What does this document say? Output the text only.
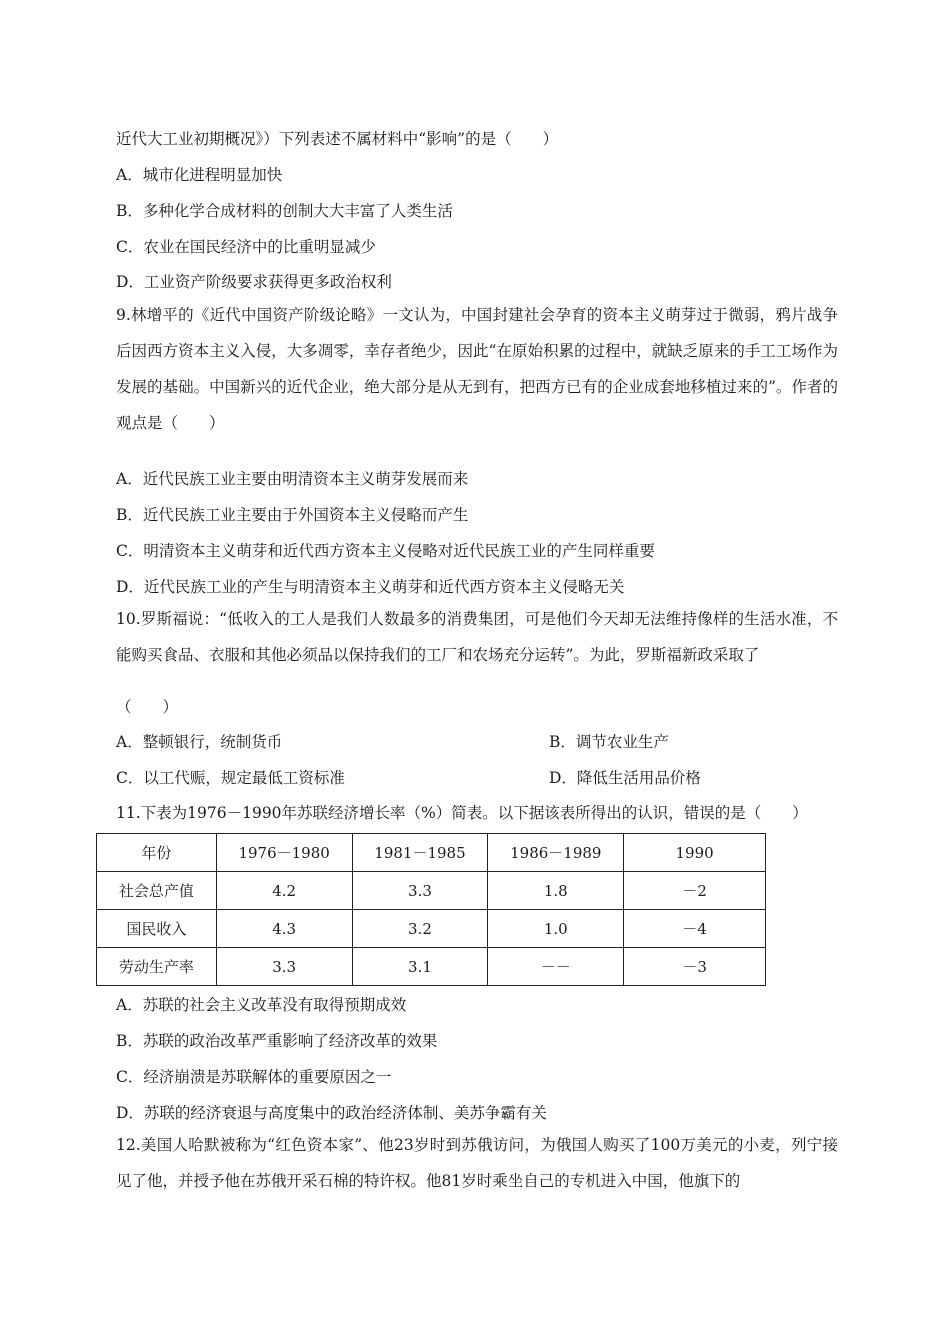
近代大工业初期概况》）下列表述不属材料中“影响”的是（　　）
A．城市化进程明显加快
B．多种化学合成材料的创制大大丰富了人类生活
C．农业在国民经济中的比重明显减少
D．工业资产阶级要求获得更多政治权利
9.林增平的《近代中国资产阶级论略》一文认为，中国封建社会孕育的资本主义萌芽过于微弱，鸦片战争后因西方资本主义入侵，大多凋零，幸存者绝少，因此“在原始积累的过程中，就缺乏原来的手工工场作为发展的基础。中国新兴的近代企业，绝大部分是从无到有，把西方已有的企业成套地移植过来的”。作者的观点是（　　）
A．近代民族工业主要由明清资本主义萌芽发展而来
B．近代民族工业主要由于外国资本主义侵略而产生
C．明清资本主义萌芽和近代西方资本主义侵略对近代民族工业的产生同样重要
D．近代民族工业的产生与明清资本主义萌芽和近代西方资本主义侵略无关
10.罗斯福说：“低收入的工人是我们人数最多的消费集团，可是他们今天却无法维持像样的生活水准，不能购买食品、衣服和其他必须品以保持我们的工厂和农场充分运转”。为此，罗斯福新政采取了
（　　）
A．整顿银行，统制货币	B．调节农业生产
C．以工代赈，规定最低工资标准	D．降低生活用品价格
11.下表为1976－1990年苏联经济增长率（%）简表。以下据该表所得出的认识，错误的是（　　）
年份	1976－1980	1981－1985	1986－1989	1990
社会总产值	4.2	3.3	1.8	－2
国民收入	4.3	3.2	1.0	－4
劳动生产率	3.3	3.1	－－	－3
A．苏联的社会主义改革没有取得预期成效
B．苏联的政治改革严重影响了经济改革的效果
C．经济崩溃是苏联解体的重要原因之一
D．苏联的经济衰退与高度集中的政治经济体制、美苏争霸有关
12.美国人哈默被称为“红色资本家”、他23岁时到苏俄访问，为俄国人购买了100万美元的小麦，列宁接见了他，并授予他在苏俄开采石棉的特许权。他81岁时乘坐自己的专机进入中国，他旗下的
